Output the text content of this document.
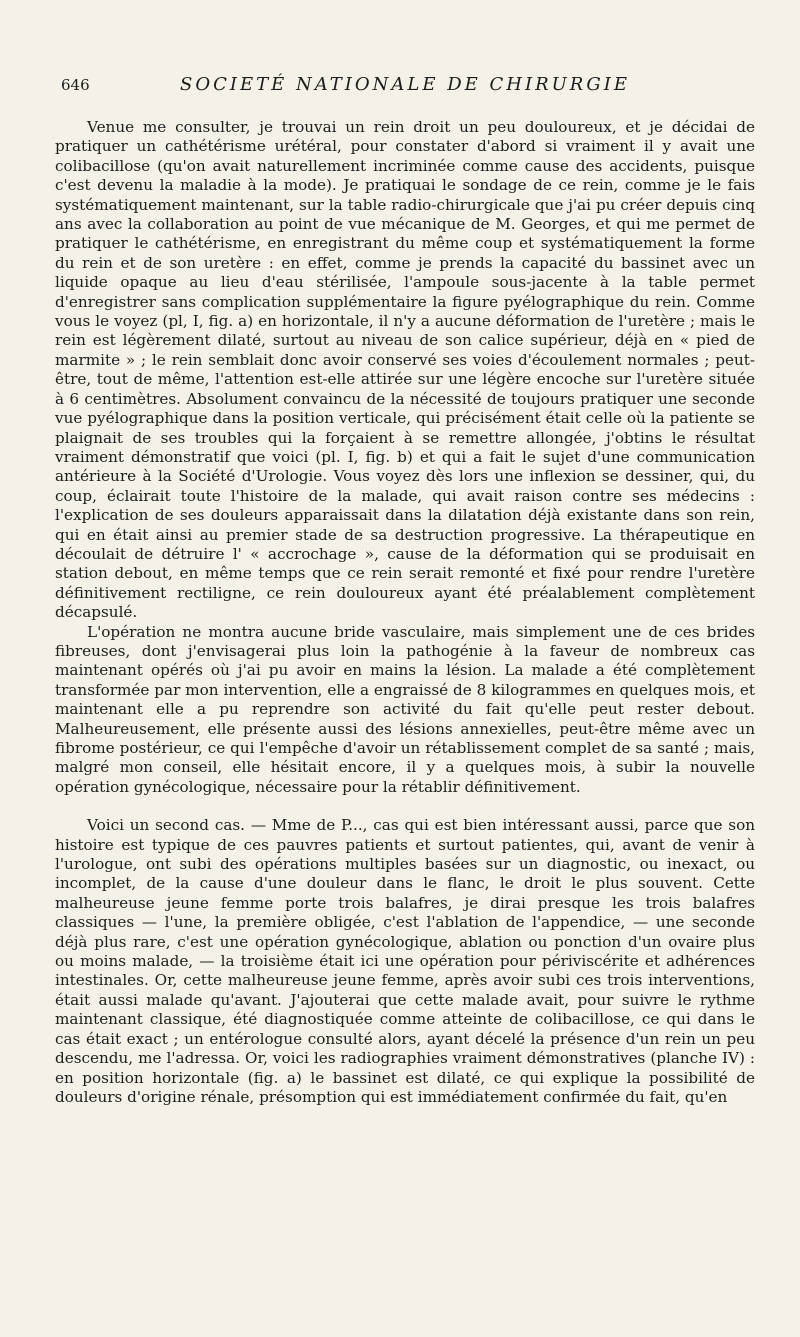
646	SOCIETÉ NATIONALE DE CHIRURGIE

Venue me consulter, je trouvai un rein droit un peu douloureux, et je décidai de pratiquer un cathétérisme urétéral, pour constater d'abord si vraiment il y avait une colibacillose (qu'on avait naturellement incriminée comme cause des accidents, puisque c'est devenu la maladie à la mode). Je pratiquai le sondage de ce rein, comme je le fais systématiquement maintenant, sur la table radio-chirurgicale que j'ai pu créer depuis cinq ans avec la collaboration au point de vue mécanique de M. Georges, et qui me permet de pratiquer le cathétérisme, en enregistrant du même coup et systématiquement la forme du rein et de son uretère : en effet, comme je prends la capacité du bassinet avec un liquide opaque au lieu d'eau stérilisée, l'ampoule sous-jacente à la table permet d'enregistrer sans complication supplémentaire la figure pyélographique du rein. Comme vous le voyez (pl, I, fig. a) en horizontale, il n'y a aucune déformation de l'uretère ; mais le rein est légèrement dilaté, surtout au niveau de son calice supérieur, déjà en « pied de marmite » ; le rein semblait donc avoir conservé ses voies d'écoulement normales ; peut-être, tout de même, l'attention est-elle attirée sur une légère encoche sur l'uretère située à 6 centimètres. Absolument convaincu de la nécessité de toujours pratiquer une seconde vue pyélographique dans la position verticale, qui précisément était celle où la patiente se plaignait de ses troubles qui la forçaient à se remettre allongée, j'obtins le résultat vraiment démonstratif que voici (pl. I, fig. b) et qui a fait le sujet d'une communication antérieure à la Société d'Urologie. Vous voyez dès lors une inflexion se dessiner, qui, du coup, éclairait toute l'histoire de la malade, qui avait raison contre ses médecins : l'explication de ses douleurs apparaissait dans la dilatation déjà existante dans son rein, qui en était ainsi au premier stade de sa destruction progressive. La thérapeutique en découlait de détruire l' « accrochage », cause de la déformation qui se produisait en station debout, en même temps que ce rein serait remonté et fixé pour rendre l'uretère définitivement rectiligne, ce rein douloureux ayant été préalablement complètement décapsulé.

L'opération ne montra aucune bride vasculaire, mais simplement une de ces brides fibreuses, dont j'envisagerai plus loin la pathogénie à la faveur de nombreux cas maintenant opérés où j'ai pu avoir en mains la lésion. La malade a été complètement transformée par mon intervention, elle a engraissé de 8 kilogrammes en quelques mois, et maintenant elle a pu reprendre son activité du fait qu'elle peut rester debout. Malheureusement, elle présente aussi des lésions annexielles, peut-être même avec un fibrome postérieur, ce qui l'empêche d'avoir un rétablissement complet de sa santé ; mais, malgré mon conseil, elle hésitait encore, il y a quelques mois, à subir la nouvelle opération gynécologique, nécessaire pour la rétablir définitivement.

Voici un second cas. — Mme de P..., cas qui est bien intéressant aussi, parce que son histoire est typique de ces pauvres patients et surtout patientes, qui, avant de venir à l'urologue, ont subi des opérations multiples basées sur un diagnostic, ou inexact, ou incomplet, de la cause d'une douleur dans le flanc, le droit le plus souvent. Cette malheureuse jeune femme porte trois balafres, je dirai presque les trois balafres classiques — l'une, la première obligée, c'est l'ablation de l'appendice, — une seconde déjà plus rare, c'est une opération gynécologique, ablation ou ponction d'un ovaire plus ou moins malade, — la troisième était ici une opération pour périviscérite et adhérences intestinales. Or, cette malheureuse jeune femme, après avoir subi ces trois interventions, était aussi malade qu'avant. J'ajouterai que cette malade avait, pour suivre le rythme maintenant classique, été diagnostiquée comme atteinte de colibacillose, ce qui dans le cas était exact ; un entérologue consulté alors, ayant décelé la présence d'un rein un peu descendu, me l'adressa. Or, voici les radiographies vraiment démonstratives (planche IV) : en position horizontale (fig. a) le bassinet est dilaté, ce qui explique la possibilité de douleurs d'origine rénale, présomption qui est immédiatement confirmée du fait, qu'en
